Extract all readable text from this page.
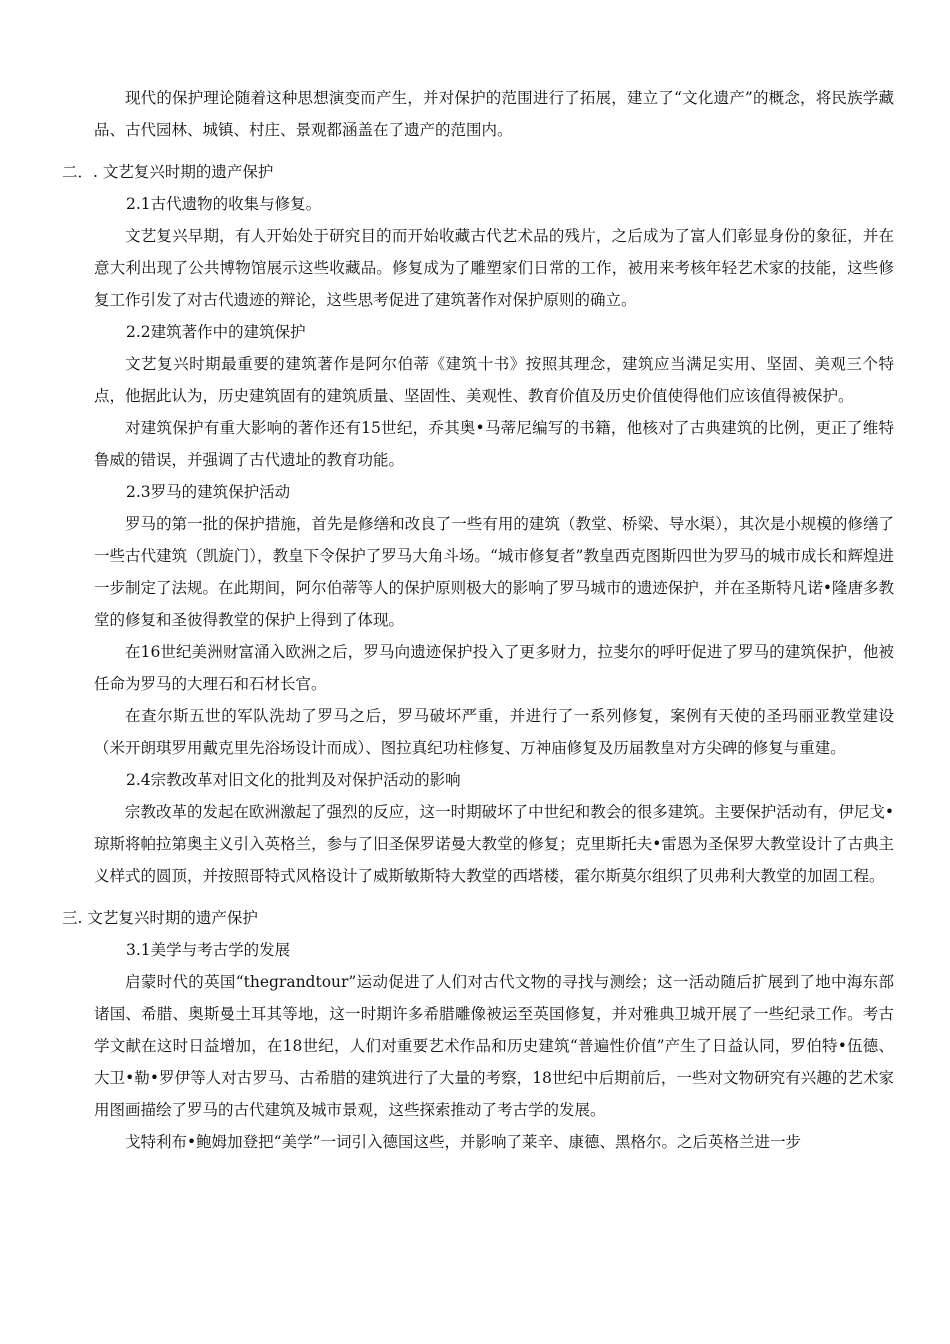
现代的保护理论随着这种思想演变而产生，并对保护的范围进行了拓展，建立了“文化遗产”的概念，将民族学藏品、古代园林、城镇、村庄、景观都涵盖在了遗产的范围内。

二．. 文艺复兴时期的遗产保护

2.1古代遗物的收集与修复。

文艺复兴早期，有人开始处于研究目的而开始收藏古代艺术品的残片，之后成为了富人们彰显身份的象征，并在意大利出现了公共博物馆展示这些收藏品。修复成为了雕塑家们日常的工作，被用来考核年轻艺术家的技能，这些修复工作引发了对古代遗迹的辩论，这些思考促进了建筑著作对保护原则的确立。

2.2建筑著作中的建筑保护

文艺复兴时期最重要的建筑著作是阿尔伯蒂《建筑十书》按照其理念，建筑应当满足实用、坚固、美观三个特点，他据此认为，历史建筑固有的建筑质量、坚固性、美观性、教育价值及历史价值使得他们应该值得被保护。

对建筑保护有重大影响的著作还有15世纪，乔其奥•马蒂尼编写的书籍，他核对了古典建筑的比例，更正了维特鲁威的错误，并强调了古代遗址的教育功能。

2.3罗马的建筑保护活动

罗马的第一批的保护措施，首先是修缮和改良了一些有用的建筑（教堂、桥梁、导水渠），其次是小规模的修缮了一些古代建筑（凯旋门），教皇下令保护了罗马大角斗场。“城市修复者”教皇西克图斯四世为罗马的城市成长和辉煌进一步制定了法规。在此期间，阿尔伯蒂等人的保护原则极大的影响了罗马城市的遗迹保护，并在圣斯特凡诺•隆唐多教堂的修复和圣彼得教堂的保护上得到了体现。

在16世纪美洲财富涌入欧洲之后，罗马向遗迹保护投入了更多财力，拉斐尔的呼吁促进了罗马的建筑保护，他被任命为罗马的大理石和石材长官。

在查尔斯五世的军队洗劫了罗马之后，罗马破坏严重，并进行了一系列修复，案例有天使的圣玛丽亚教堂建设（米开朗琪罗用戴克里先浴场设计而成）、图拉真纪功柱修复、万神庙修复及历届教皇对方尖碑的修复与重建。

2.4宗教改革对旧文化的批判及对保护活动的影响

宗教改革的发起在欧洲激起了强烈的反应，这一时期破坏了中世纪和教会的很多建筑。主要保护活动有，伊尼戈•琼斯将帕拉第奥主义引入英格兰，参与了旧圣保罗诺曼大教堂的修复；克里斯托夫•雷恩为圣保罗大教堂设计了古典主义样式的圆顶，并按照哥特式风格设计了威斯敏斯特大教堂的西塔楼，霍尔斯莫尔组织了贝弗利大教堂的加固工程。

三. 文艺复兴时期的遗产保护

3.1美学与考古学的发展

启蒙时代的英国“thegrandtour”运动促进了人们对古代文物的寻找与测绘；这一活动随后扩展到了地中海东部诸国、希腊、奥斯曼土耳其等地，这一时期许多希腊雕像被运至英国修复，并对雅典卫城开展了一些纪录工作。考古学文献在这时日益增加，在18世纪，人们对重要艺术作品和历史建筑“普遍性价值”产生了日益认同，罗伯特•伍德、大卫•勒•罗伊等人对古罗马、古希腊的建筑进行了大量的考察，18世纪中后期前后，一些对文物研究有兴趣的艺术家用图画描绘了罗马的古代建筑及城市景观，这些探索推动了考古学的发展。

戈特利布•鲍姆加登把“美学”一词引入德国这些，并影响了莱辛、康德、黑格尔。之后英格兰进一步
